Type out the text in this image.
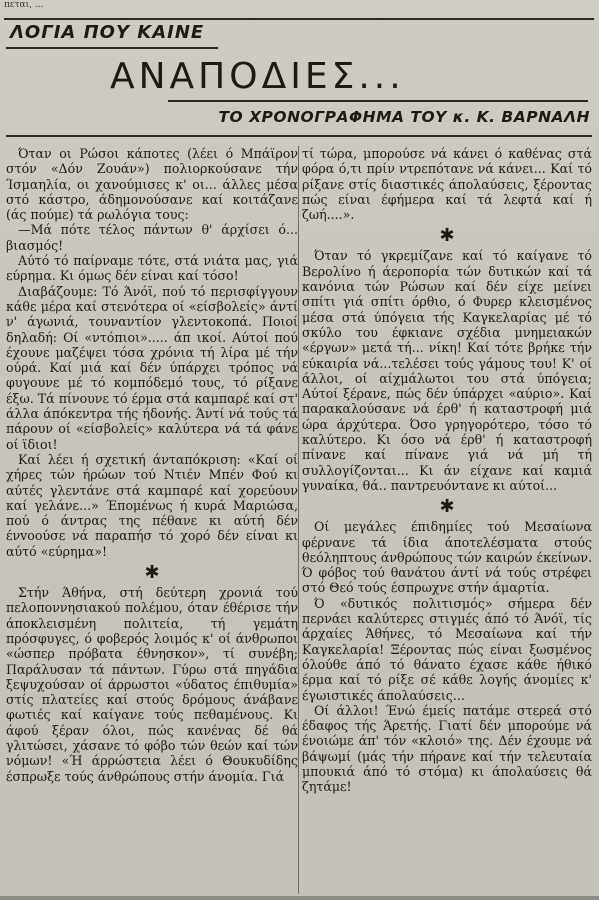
πεται, ...
ΛΟΓΙΑ ΠΟΥ ΚΑΙΝΕ
ΑΝΑΠΟΔΙΕΣ...
ΤΟ ΧΡΟΝΟΓΡΑΦΗΜΑ ΤΟΥ κ. Κ. ΒΑΡΝΑΛΗ

Όταν οι Ρώσοι κάποτες (λέει ό Μπάϊρον στόν «Δόν Ζουάν») πολιορκούσανε τήν Ίσμαηλία, οι χανούμισες κ' οι... άλλες μέσα στό κάστρο, άδημονούσανε καί κοιτάζανε (άς πούμε) τά ρωλόγια τους:

—Μά πότε τέλος πάντων θ' άρχίσει ό... βιασμός!

Αύτό τό παίρναμε τότε, στά νιάτα μας, γιά εύρημα. Κι όμως δέν είναι καί τόσο!

Διαβάζουμε: Τό Άνόϊ, πού τό περισφίγγουν κάθε μέρα καί στενότερα οί «είσβολείς» άντί ν' άγωνιά, τουναντίον γλεντοκοπά. Ποιοί δηλαδή: Οί «ντόπιοι»..... άπ ικοί. Αύτοί πού έχουνε μαζέψει τόσα χρόνια τή λίρα μέ τήν ούρά. Καί μιά καί δέν ύπάρχει τρόπος νά φυγουνε μέ τό κομπόδεμό τους, τό ρίξανε έξω. Τά πίνουνε τό έρμα στά καμπαρέ καί στ' άλλα άπόκεντρα τής ήδονής. Άντί νά τούς τά πάρουν οί «είσβολείς» καλύτερα νά τά φάνε οί ϊδιοι!

Καί λέει ή σχετική άνταπόκριση: «Καί οί χήρες τών ήρώων τού Ντιέν Μπέν Φού κι αύτές γλεντάνε στά καμπαρέ καί χορεύουν καί γελάνε...» Έπομένως ή κυρά Μαριώσα, πού ό άντρας της πέθανε κι αύτή δέν ένvοούσε νά παραπήσ τό χορό δέν είναι κι αύτό «εύρημα»!

✱

Στήν Άθήνα, στή δεύτερη χρονιά τού πελοποννησιακού πολέμου, όταν έθέρισε τήν άποκλεισμένη πολιτεία, τή γεμάτη πρόσφυγες, ό φοβερός λοιμός κ' οί άνθρωποι «ώσπερ πρόβατα έθνησκον», τί συνέβη; Παράλυσαν τά πάντων. Γύρω στά πηγάδια ξεψυχούσαν οί άρρωστοι «ύδατος έπιθυμία» στίς πλατείες καί στούς δρόμους άνάβανε φωτιές καί καίγανε τούς πεθαμένους. Κι άφού ξέραν όλοι, πώς κανένας δέ θά γλιτώσει, χάσανε τό φόβο τών θεών καί τών νόμων! «Ή άρρώστεια λέει ό Θουκυδίδης έσπρωξε τούς άνθρώπους στήν άνομία. Γιά

τί τώρα, μπορούσε νά κάνει ό καθένας στά φόρα ό,τι πρίν ντρεπότανε νά κάνει... Καί τό ρίξανε στίς διαστικές άπολαύσεις, ξέροντας πώς είναι έφήμερα καί τά λεφτά καί ή ζωή....».

✱

Όταν τό γκρεμίζανε καί τό καίγανε τό Βερολίνο ή άεροπορία τών δυτικών καί τά κανόνια τών Ρώσων καί δέν είχε μείνει σπίτι γιά σπίτι όρθιο, ό Φυρερ κλεισμένος μέσα στά ύπόγεια τής Καγκελαρίας μέ τό σκύλο του έφκιανε σχέδια μνημειακών «έργων» μετά τή... νίκη! Καί τότε βρήκε τήν εύκαιρία νά...τελέσει τούς γάμους του! Κ' οί άλλοι, οί αίχμάλωτοι του στά ύπόγεια; Αύτοί ξέρανε, πώς δέν ύπάρχει «αύριο». Καί παρακαλούσανε νά έρθ' ή καταστροφή μιά ώρα άρχύτερα. Όσο γρηγορότερο, τόσο τό καλύτερο. Κι όσο νά έρθ' ή καταστροφή πίνανε καί πίνανε γιά νά μή τή συλλογίζονται... Κι άν είχανε καί καμιά γυναίκα, θά.. παντρευόντανε κι αύτοί...

✱

Οί μεγάλες έπιδημίες τού Μεσαίωνα φέρνανε τά ίδια άποτελέσματα στούς θεόληπτους άνθρώπους τών καιρών έκείνων. Ό φόβος τού θανάτου άντί νά τούς στρέφει στό Θεό τούς έσπρωχνε στήν άμαρτία.

Ό «δυτικός πολιτισμός» σήμερα δέν περνάει καλύτερες στιγμές άπό τό Άνόϊ, τίς άρχαίες Άθήνες, τό Μεσαίωνα καί τήν Καγκελαρία! Ξέροντας πώς είναι ξωσμένος όλούθε άπό τό θάνατο έχασε κάθε ήθικό έρμα καί τό ρίξε σέ κάθε λογής άνομίες κ' έγωιστικές άπολαύσεις...

Οί άλλοι! Ένώ έμείς πατάμε στερεά στό έδαφος τής Άρετής. Γιατί δέν μπορούμε νά ένοιώμε άπ' τόν «κλοιό» της. Δέν έχουμε νά βάψωμί (μάς τήν πήρανε καί τήν τελευταία μπουκιά άπό τό στόμα) κι άπολαύσεις θά ζητάμε!
